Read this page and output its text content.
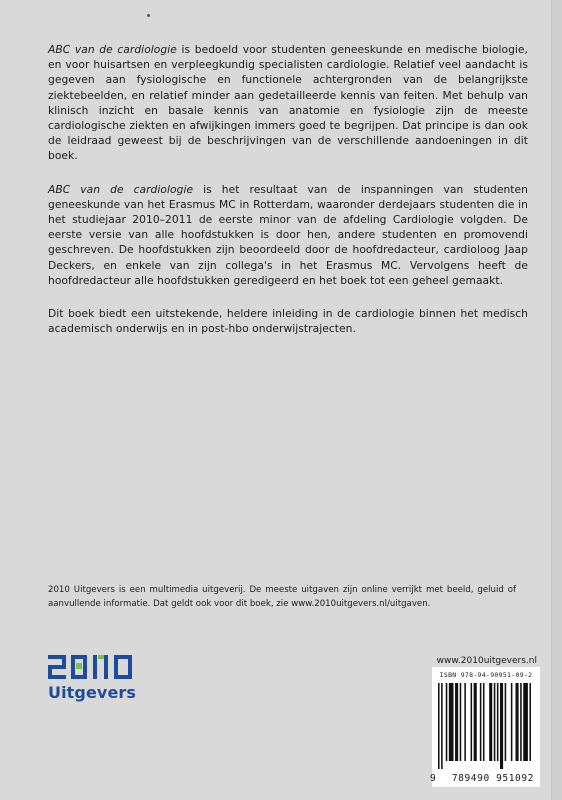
ABC van de cardiologie is bedoeld voor studenten geneeskunde en medische biologie, en voor huisartsen en verpleegkundig specialisten cardiologie. Relatief veel aandacht is gegeven aan fysiologische en functionele achtergronden van de belangrijkste ziektebeelden, en relatief minder aan gedetailleerde kennis van feiten. Met behulp van klinisch inzicht en basale kennis van anatomie en fysiologie zijn de meeste cardiologische ziekten en afwijkingen immers goed te begrijpen. Dat principe is dan ook de leidraad geweest bij de beschrijvingen van de verschillende aandoeningen in dit boek.

ABC van de cardiologie is het resultaat van de inspanningen van studenten geneeskunde van het Erasmus MC in Rotterdam, waaronder derdejaars studenten die in het studiejaar 2010–2011 de eerste minor van de afdeling Cardiologie volgden. De eerste versie van alle hoofdstukken is door hen, andere studenten en promovendi geschreven. De hoofdstukken zijn beoordeeld door de hoofdredacteur, cardioloog Jaap Deckers, en enkele van zijn collega's in het Erasmus MC. Vervolgens heeft de hoofdredacteur alle hoofdstukken geredigeerd en het boek tot een geheel gemaakt.

Dit boek biedt een uitstekende, heldere inleiding in de cardiologie binnen het medisch academisch onderwijs en in post-hbo onderwijstrajecten.

2010 Uitgevers is een multimedia uitgeverij. De meeste uitgaven zijn online verrijkt met beeld, geluid of aanvullende informatie. Dat geldt ook voor dit boek, zie www.2010uitgevers.nl/uitgaven.
Uitgevers
www.2010uitgevers.nl
ISBN 978-94-90951-09-2
9 789490 951092
